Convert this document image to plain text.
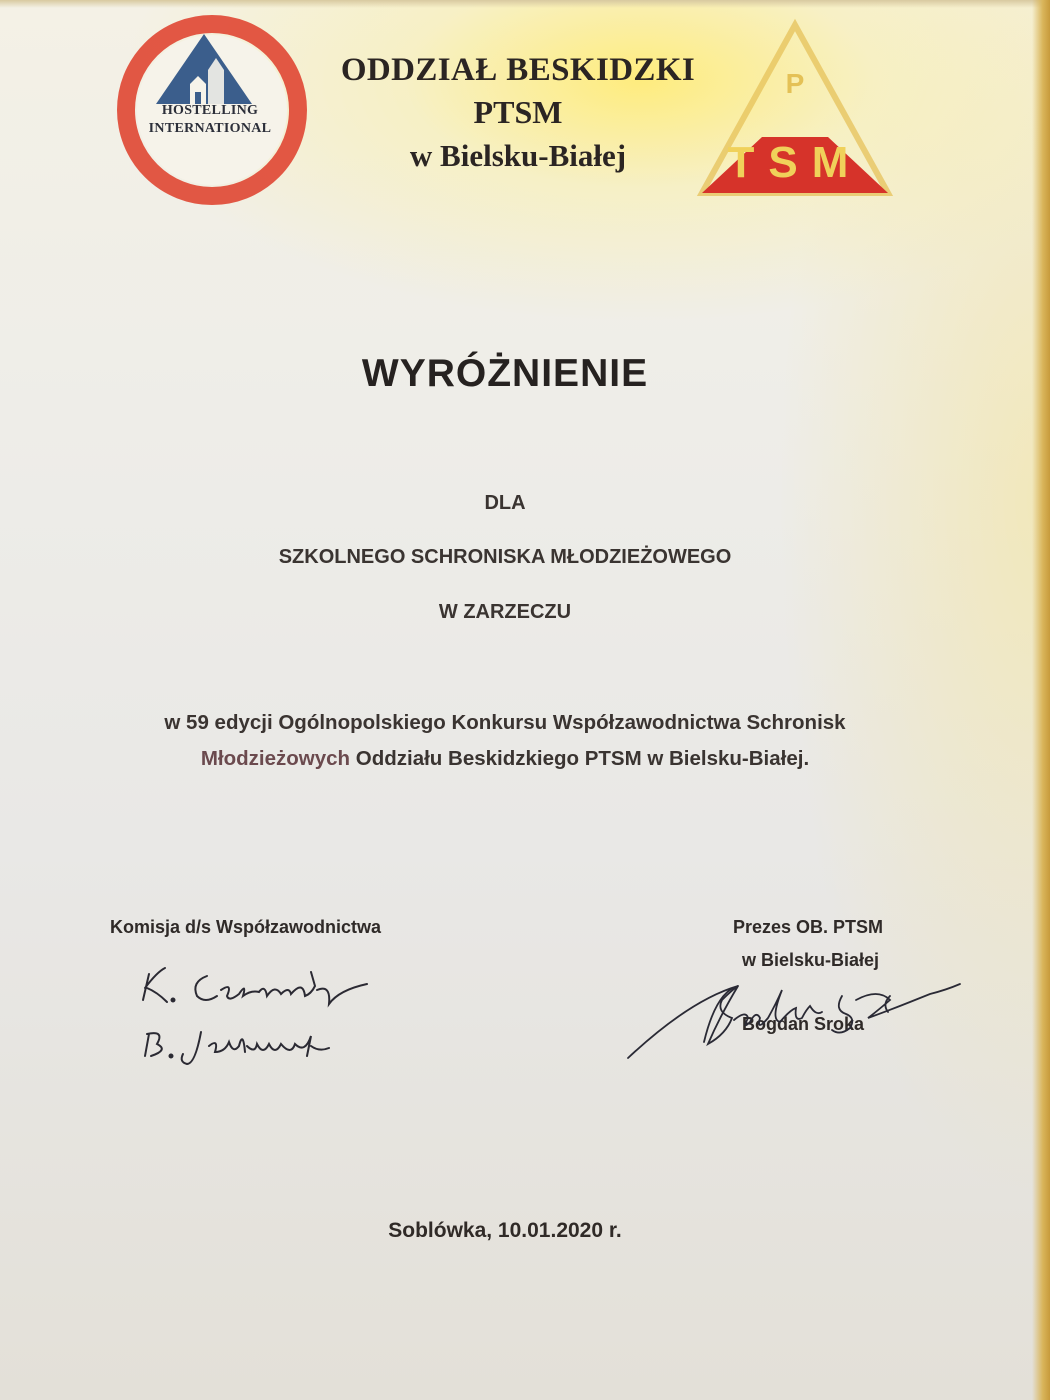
HOSTELLING
INTERNATIONAL
ODDZIAŁ BESKIDZKI
PTSM
w Bielsku-Białej
P
TSM
WYRÓŻNIENIE
DLA
SZKOLNEGO SCHRONISKA MŁODZIEŻOWEGO
W ZARZECZU
w 59 edycji Ogólnopolskiego Konkursu Współzawodnictwa Schronisk
Młodzieżowych Oddziału Beskidzkiego PTSM w Bielsku-Białej.
Komisja d/s Współzawodnictwa	Prezes OB. PTSM
w Bielsku-Białej
Bogdan Sroka
Soblówka, 10.01.2020 r.
